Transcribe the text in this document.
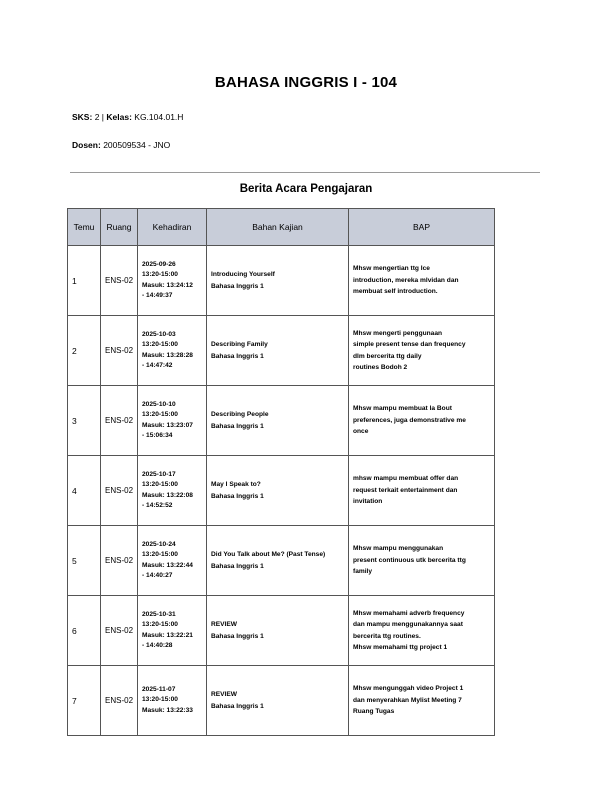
BAHASA INGGRIS I - 104
SKS: 2 | Kelas: KG.104.01.H
Dosen: 200509534 - JNO
Berita Acara Pengajaran
Temu	Ruang	Kehadiran	Bahan Kajian	BAP
1	ENS-02	2025-09-26
13:20-15:00
Masuk: 13:24:12
- 14:49:37	Introducing Yourself
Bahasa Inggris 1	Mhsw mengertian ttg Ice
introduction, mereka mlvidan dan
membuat self introduction.

2	ENS-02	2025-10-03
13:20-15:00
Masuk: 13:28:28
- 14:47:42	Describing Family
Bahasa Inggris 1	Mhsw mengerti penggunaan
simple present tense dan frequency
dlm bercerita ttg daily
routines Bodoh 2

3	ENS-02	2025-10-10
13:20-15:00
Masuk: 13:23:07
- 15:06:34	Describing People
Bahasa Inggris 1	Mhsw mampu membuat la Bout
preferences, juga demonstrative me
once

4	ENS-02	2025-10-17
13:20-15:00
Masuk: 13:22:08
- 14:52:52	May I Speak to?
Bahasa Inggris 1	mhsw mampu membuat offer dan
request terkait entertainment dan
invitation

5	ENS-02	2025-10-24
13:20-15:00
Masuk: 13:22:44
- 14:40:27	Did You Talk about Me? (Past Tense)
Bahasa Inggris 1	Mhsw mampu menggunakan
present continuous utk bercerita ttg
family

6	ENS-02	2025-10-31
13:20-15:00
Masuk: 13:22:21
- 14:40:28	REVIEW
Bahasa Inggris 1	Mhsw memahami adverb frequency
dan mampu menggunakannya saat
bercerita ttg routines.
Mhsw memahami ttg project 1

7	ENS-02	2025-11-07
13:20-15:00
Masuk: 13:22:33	REVIEW
Bahasa Inggris 1	Mhsw mengunggah video Project 1
dan menyerahkan Mylist Meeting 7
Ruang Tugas
